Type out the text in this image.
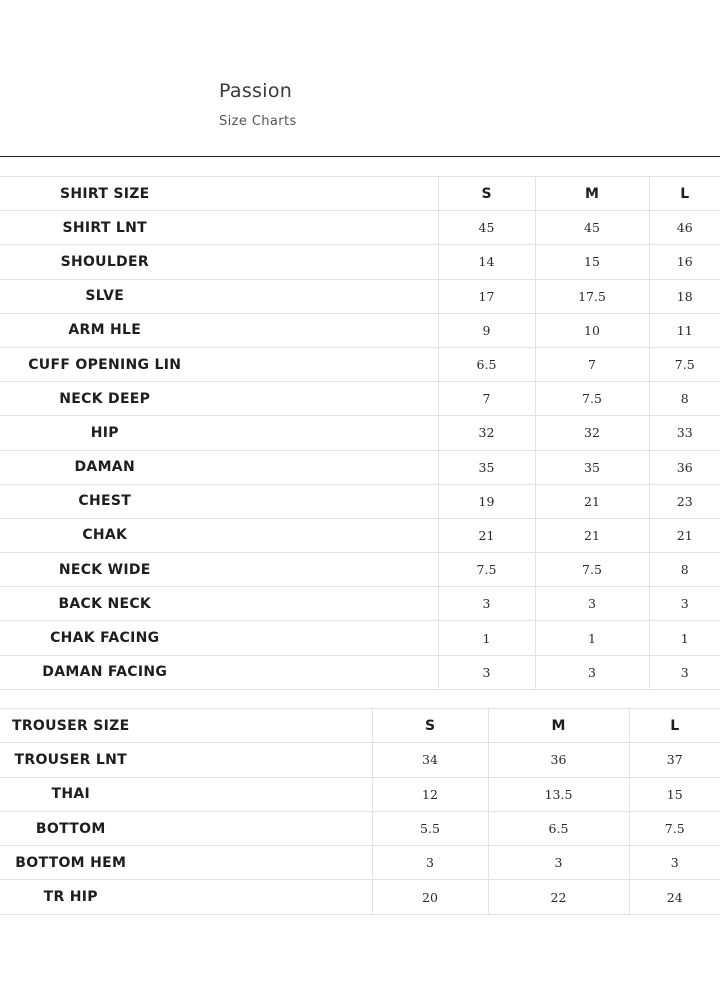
Passion
Size Charts
SHIRT SIZE	S	M	L
SHIRT LNT	45	45	46
SHOULDER	14	15	16
SLVE	17	17.5	18
ARM HLE	9	10	11
CUFF OPENING LIN	6.5	7	7.5
NECK DEEP	7	7.5	8
HIP	32	32	33
DAMAN	35	35	36
CHEST	19	21	23
CHAK	21	21	21
NECK WIDE	7.5	7.5	8
BACK NECK	3	3	3
CHAK FACING	1	1	1
DAMAN FACING	3	3	3
TROUSER SIZE	S	M	L
TROUSER LNT	34	36	37
THAI	12	13.5	15
BOTTOM	5.5	6.5	7.5
BOTTOM HEM	3	3	3
TR HIP	20	22	24
